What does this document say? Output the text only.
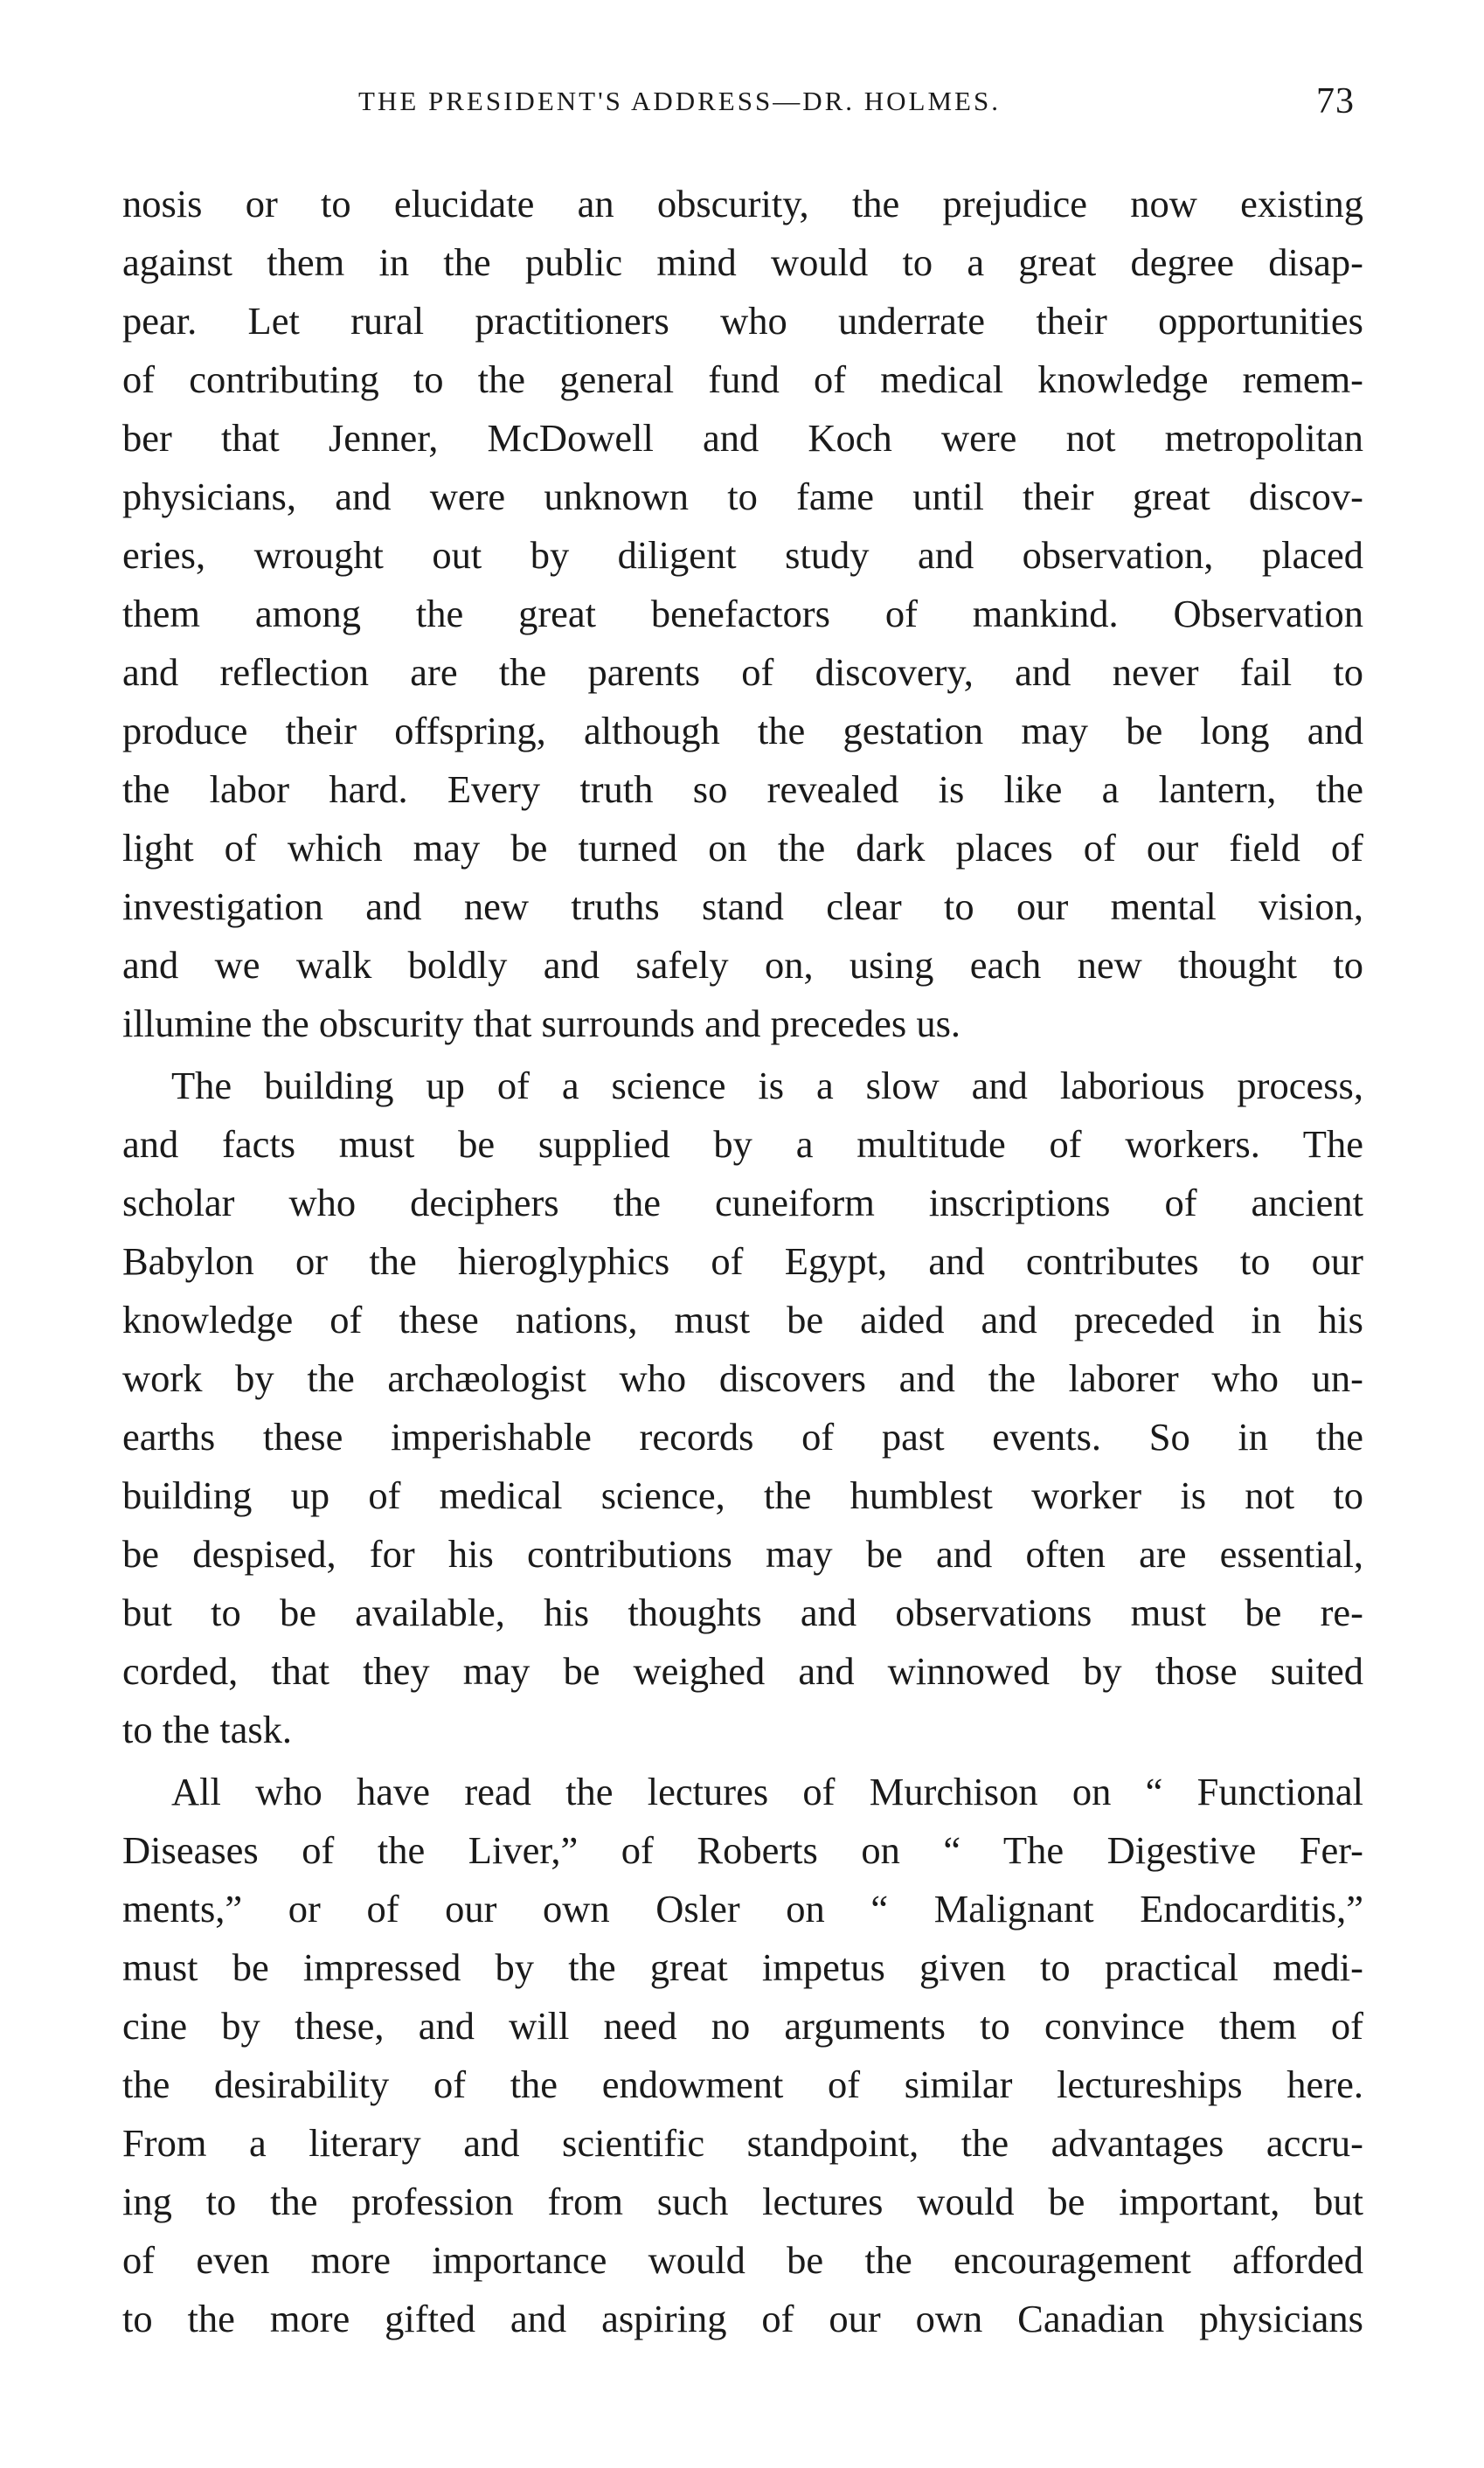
THE PRESIDENT'S ADDRESS—DR. HOLMES.	73

nosis or to elucidate an obscurity, the prejudice now existing
against them in the public mind would to a great degree disap-
pear. Let rural practitioners who underrate their opportunities
of contributing to the general fund of medical knowledge remem-
ber that Jenner, McDowell and Koch were not metropolitan
physicians, and were unknown to fame until their great discov-
eries, wrought out by diligent study and observation, placed
them among the great benefactors of mankind. Observation
and reflection are the parents of discovery, and never fail to
produce their offspring, although the gestation may be long and
the labor hard. Every truth so revealed is like a lantern, the
light of which may be turned on the dark places of our field of
investigation and new truths stand clear to our mental vision,
and we walk boldly and safely on, using each new thought to
illumine the obscurity that surrounds and precedes us.

The building up of a science is a slow and laborious process,
and facts must be supplied by a multitude of workers. The
scholar who deciphers the cuneiform inscriptions of ancient
Babylon or the hieroglyphics of Egypt, and contributes to our
knowledge of these nations, must be aided and preceded in his
work by the archæologist who discovers and the laborer who un-
earths these imperishable records of past events. So in the
building up of medical science, the humblest worker is not to
be despised, for his contributions may be and often are essential,
but to be available, his thoughts and observations must be re-
corded, that they may be weighed and winnowed by those suited
to the task.

All who have read the lectures of Murchison on “ Functional
Diseases of the Liver,” of Roberts on “ The Digestive Fer-
ments,” or of our own Osler on “ Malignant Endocarditis,”
must be impressed by the great impetus given to practical medi-
cine by these, and will need no arguments to convince them of
the desirability of the endowment of similar lectureships here.
From a literary and scientific standpoint, the advantages accru-
ing to the profession from such lectures would be important, but
of even more importance would be the encouragement afforded
to the more gifted and aspiring of our own Canadian physicians
